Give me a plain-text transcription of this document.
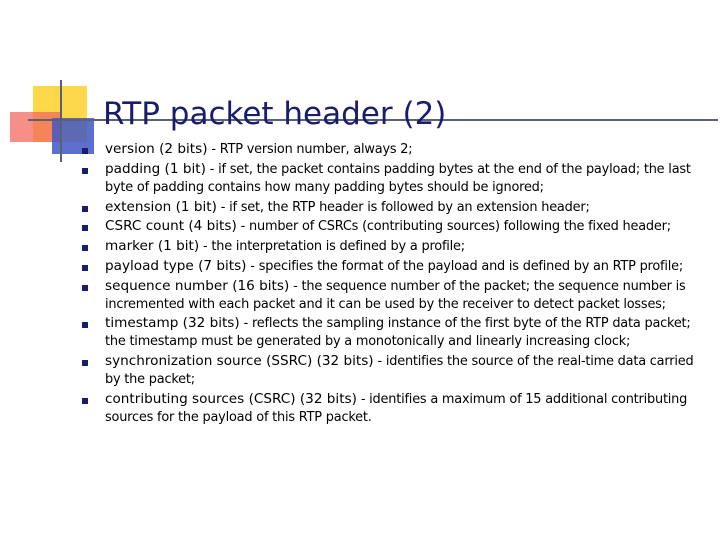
RTP packet header (2)
version (2 bits) - RTP version number, always 2;
padding (1 bit) - if set, the packet contains padding bytes at the end of the payload; the last byte of padding contains how many padding bytes should be ignored;
extension (1 bit) - if set, the RTP header is followed by an extension header;
CSRC count (4 bits) - number of CSRCs (contributing sources) following the fixed header;
marker (1 bit) - the interpretation is defined by a profile;
payload type (7 bits) - specifies the format of the payload and is defined by an RTP profile;
sequence number (16 bits) - the sequence number of the packet; the sequence number is incremented with each packet and it can be used by the receiver to detect packet losses;
timestamp (32 bits) - reflects the sampling instance of the first byte of the RTP data packet; the timestamp must be generated by a monotonically and linearly increasing clock;
synchronization source (SSRC) (32 bits) - identifies the source of the real-time data carried by the packet;
contributing sources (CSRC) (32 bits) - identifies a maximum of 15 additional contributing sources for the payload of this RTP packet.
